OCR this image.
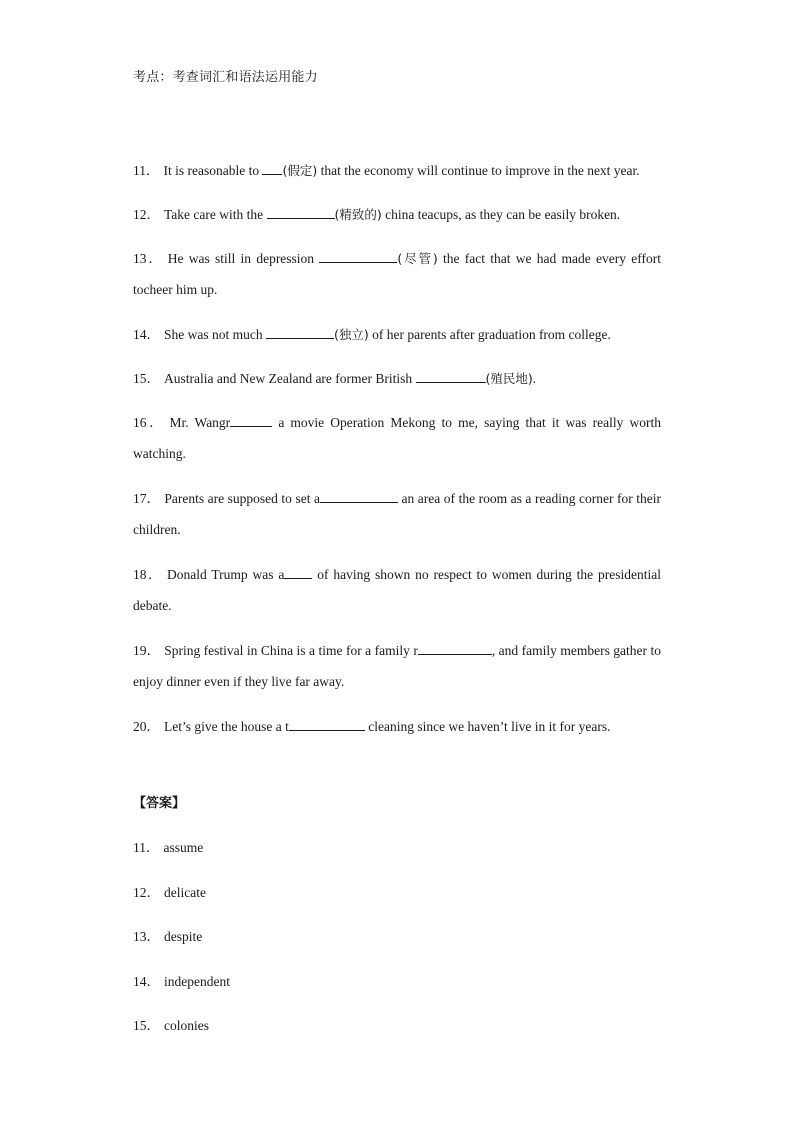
考点：考查词汇和语法运用能力
11． It is reasonable to (假定) that the economy will continue to improve in the next year.
12． Take care with the	(精致的) china teacups, as they can be easily broken.
13． He was still in depression	(尽管) the fact that we had made every effort tocheer him up.
14． She was not much	(独立) of her parents after graduation from college.
15． Australia and New Zealand are former British	(殖民地).
16． Mr. Wangr	a movie Operation Mekong to me, saying that it was really worth watching.
17． Parents are supposed to set a	an area of the room as a reading corner for their children.
18． Donald Trump was a of having shown no respect to women during the presidential debate.
19． Spring festival in China is a time for a family r	, and family members gather to enjoy dinner even if they live far away.
20． Let’s give the house a t	cleaning since we haven’t live in it for years.
【答案】
11． assume
12． delicate
13． despite
14． independent
15． colonies
